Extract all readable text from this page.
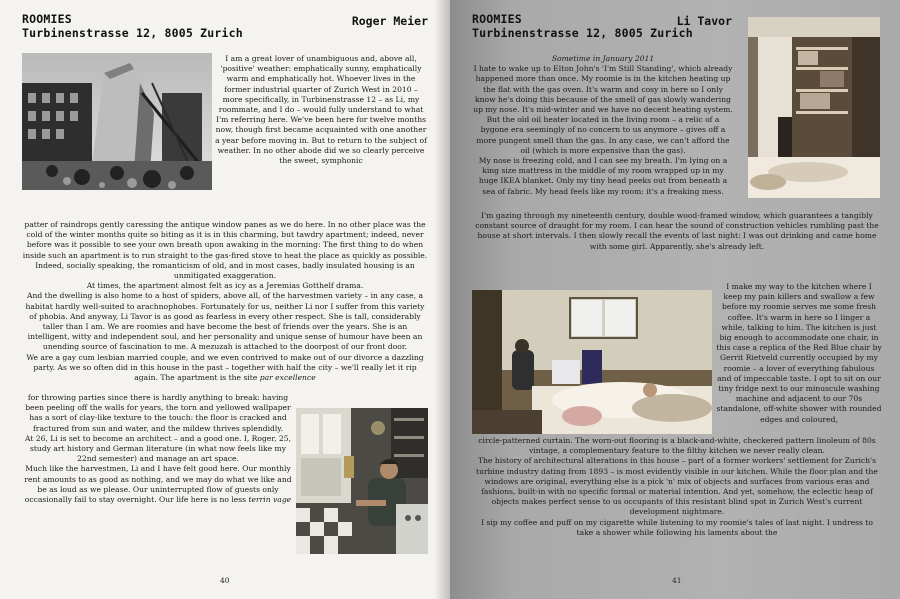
ROOMIES
Turbinenstrasse 12, 8005 Zurich
Roger Meier

I am a great lover of unambiguous and, above all, 'positive' weather: emphatically sunny, emphatically warm and emphatically hot. Whoever lives in the former industrial quarter of Zurich West in 2010 – more specifically, in Turbinenstrasse 12 – as Li, my roommate, and I do – would fully understand to what I'm referring here. We've been here for twelve months now, though first became acquainted with one another a year before moving in. But to return to the subject of weather. In no other abode did we so clearly perceive the sweet, symphonic

patter of raindrops gently caressing the antique window panes as we do here. In no other place was the cold of the winter months quite so biting as it is in this charming, but tawdry apartment; indeed, never before was it possible to see your own breath upon awaking in the morning: The first thing to do when inside such an apartment is to run straight to the gas-fired stove to heat the place as quickly as possible. Indeed, socially speaking, the romanticism of old, and in most cases, badly insulated housing is an unmitigated exaggeration.

At times, the apartment almost felt as icy as a Jeremias Gotthelf drama.

And the dwelling is also home to a host of spiders, above all, of the harvestmen variety – in any case, a habitat hardly well-suited to arachnophobes. Fortunately for us, neither Li nor I suffer from this variety of phobia. And anyway, Li Tavor is as good as fearless in every other respect. She is tall, considerably taller than I am. We are roomies and have become the best of friends over the years. She is an intelligent, witty and independent soul, and her personality and unique sense of humour have been an unending source of fascination to me. A mezuzah is attached to the doorpost of our front door.

We are a gay cum lesbian married couple, and we even contrived to make out of our divorce a dazzling party. As we so often did in this house in the past – together with half the city – we'll really let it rip again. The apartment is the site par excellence

for throwing parties since there is hardly anything to break: having been peeling off the walls for years, the torn and yellowed wallpaper has a sort of clay-like texture to the touch: the floor is cracked and fractured from sun and water, and the mildew thrives splendidly.

At 26, Li is set to become an architect – and a good one. I, Roger, 25, study art history and German literature (in what now feels like my 22nd semester) and manage an art space.

Much like the harvestmen, Li and I have felt good here. Our monthly rent amounts to as good as nothing, and we may do what we like and be as loud as we please. Our uninterrupted flow of guests only occasionally fail to stay overnight. Our life here is no less terrin vage

40
ROOMIES
Turbinenstrasse 12, 8005 Zurich
Li Tavor

Sometime in January 2011

I hate to wake up to Elton John's 'I'm Still Standing', which already happened more than once. My roomie is in the kitchen heating up the flat with the gas oven. It's warm and cosy in here so I only know he's doing this because of the smell of gas slowly wandering up my nose. It's mid-winter and we have no decent heating system. But the old oil heater located in the living room – a relic of a bygone era seemingly of no concern to us anymore – gives off a more pungent smell than the gas. In any case, we can't afford the oil (which is more expensive than the gas).

My nose is freezing cold, and I can see my breath. I'm lying on a king size mattress in the middle of my room wrapped up in my huge IKEA blanket. Only my tiny head peeks out from beneath a sea of fabric. My head feels like my room: it's a freaking mess.

I'm gazing through my nineteenth century, double wood-framed window, which guarantees a tangibly constant source of draught for my room. I can hear the sound of construction vehicles rumbling past the house at short intervals. I then slowly recall the events of last night: I was out drinking and came home with some girl. Apparently, she's already left.

I make my way to the kitchen where I keep my pain killers and swallow a few before my roomie serves me some fresh coffee. It's warm in here so I linger a while, talking to him. The kitchen is just big enough to accommodate one chair, in this case a replica of the Red Blue chair by Gerrit Rietveld currently occupied by my roomie – a lover of everything fabulous and of impeccable taste. I opt to sit on our tiny fridge next to our minuscule washing machine and adjacent to our 70s standalone, off-white shower with rounded edges and coloured,

circle-patterned curtain. The worn-out flooring is a black-and-white, checkered pattern linoleum of 80s vintage, a complementary feature to the filthy kitchen we never really clean.

The history of architectural alterations in this house – part of a former workers' settlement for Zurich's turbine industry dating from 1893 – is most evidently visible in our kitchen. While the floor plan and the windows are original, everything else is a pick 'n' mix of objects and surfaces from various eras and fashions, built-in with no specific formal or material intention. And yet, somehow, the eclectic heap of objects makes perfect sense to us occupants of this resistant blind spot in Zurich West's current development nightmare.

I sip my coffee and puff on my cigarette while listening to my roomie's tales of last night. I undress to take a shower while following his laments about the

41
